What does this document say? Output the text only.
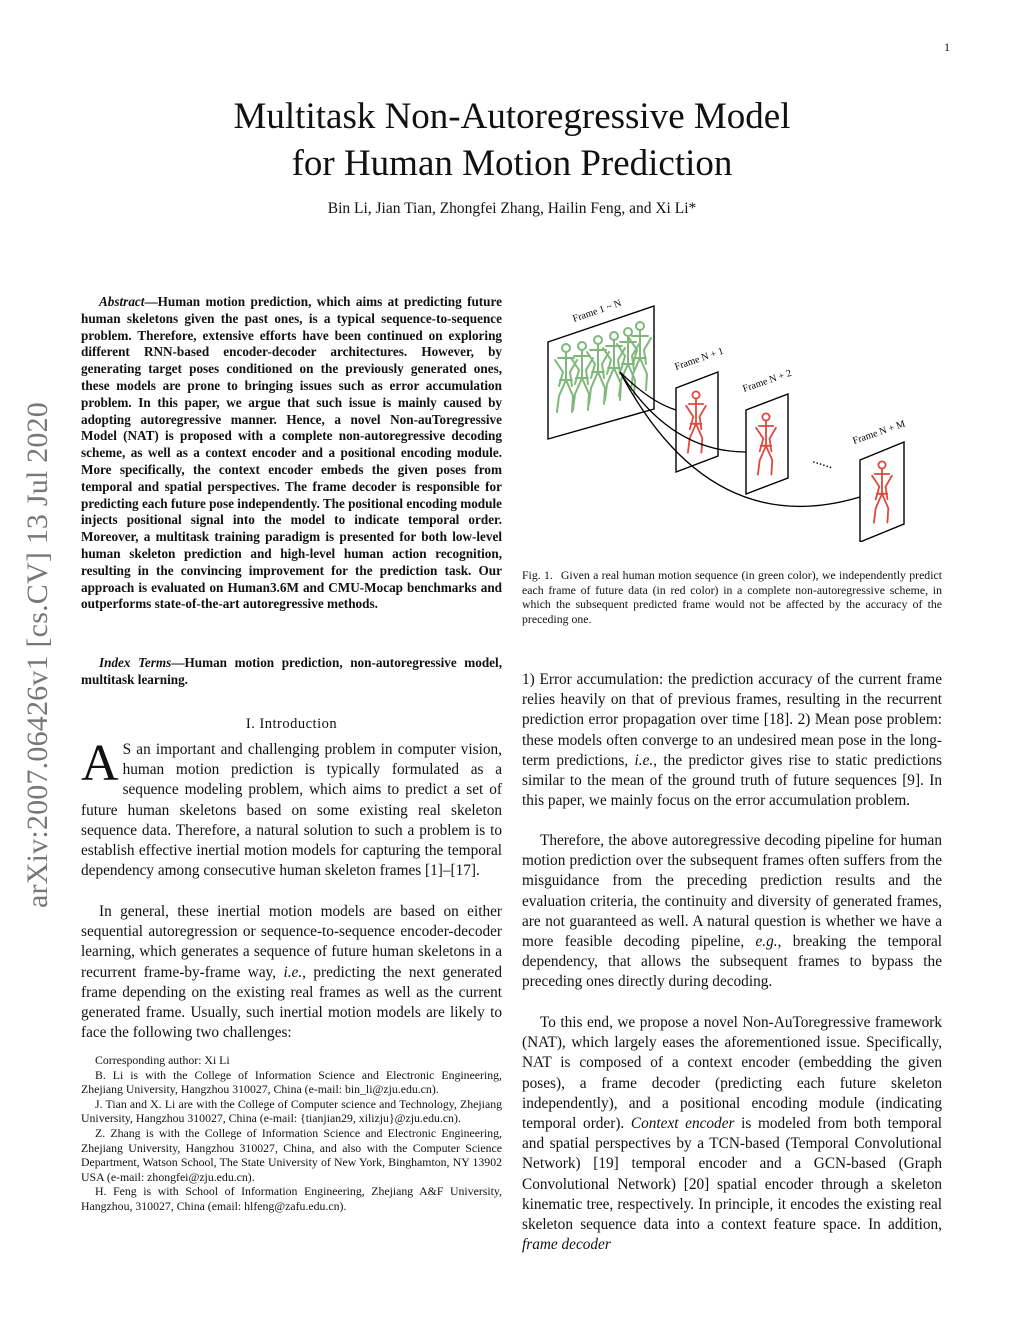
1
arXiv:2007.06426v1 [cs.CV] 13 Jul 2020
Multitask Non-Autoregressive Model
for Human Motion Prediction
Bin Li, Jian Tian, Zhongfei Zhang, Hailin Feng, and Xi Li*
Abstract—Human motion prediction, which aims at predicting future human skeletons given the past ones, is a typical sequence-to-sequence problem. Therefore, extensive efforts have been continued on exploring different RNN-based encoder-decoder architectures. However, by generating target poses conditioned on the previously generated ones, these models are prone to bringing issues such as error accumulation problem. In this paper, we argue that such issue is mainly caused by adopting autoregressive manner. Hence, a novel Non-auToregressive Model (NAT) is proposed with a complete non-autoregressive decoding scheme, as well as a context encoder and a positional encoding module. More specifically, the context encoder embeds the given poses from temporal and spatial perspectives. The frame decoder is responsible for predicting each future pose independently. The positional encoding module injects positional signal into the model to indicate temporal order. Moreover, a multitask training paradigm is presented for both low-level human skeleton prediction and high-level human action recognition, resulting in the convincing improvement for the prediction task. Our approach is evaluated on Human3.6M and CMU-Mocap benchmarks and outperforms state-of-the-art autoregressive methods.
Index Terms—Human motion prediction, non-autoregressive model, multitask learning.
I. Introduction
A S an important and challenging problem in computer vision, human motion prediction is typically formulated as a sequence modeling problem, which aims to predict a set of future human skeletons based on some existing real skeleton sequence data. Therefore, a natural solution to such a problem is to establish effective inertial motion models for capturing the temporal dependency among consecutive human skeleton frames [1]–[17].
In general, these inertial motion models are based on either sequential autoregression or sequence-to-sequence encoder-decoder learning, which generates a sequence of future human skeletons in a recurrent frame-by-frame way, i.e., predicting the next generated frame depending on the existing real frames as well as the current generated frame. Usually, such inertial motion models are likely to face the following two challenges:
Corresponding author: Xi Li
B. Li is with the College of Information Science and Electronic Engineering, Zhejiang University, Hangzhou 310027, China (e-mail: bin_li@zju.edu.cn).
J. Tian and X. Li are with the College of Computer science and Technology, Zhejiang University, Hangzhou 310027, China (e-mail: {tianjian29, xilizju}@zju.edu.cn).
Z. Zhang is with the College of Information Science and Electronic Engineering, Zhejiang University, Hangzhou 310027, China, and also with the Computer Science Department, Watson School, The State University of New York, Binghamton, NY 13902 USA (e-mail: zhongfei@zju.edu.cn).
H. Feng is with School of Information Engineering, Zhejiang A&F University, Hangzhou, 310027, China (email: hlfeng@zafu.edu.cn).
Frame 1 ~ N
Frame N + 1
Frame N + 2
Frame N + M
......
Fig. 1. Given a real human motion sequence (in green color), we independently predict each frame of future data (in red color) in a complete non-autoregressive scheme, in which the subsequent predicted frame would not be affected by the accuracy of the preceding one.
1) Error accumulation: the prediction accuracy of the current frame relies heavily on that of previous frames, resulting in the recurrent prediction error propagation over time [18]. 2) Mean pose problem: these models often converge to an undesired mean pose in the long-term predictions, i.e., the predictor gives rise to static predictions similar to the mean of the ground truth of future sequences [9]. In this paper, we mainly focus on the error accumulation problem.
Therefore, the above autoregressive decoding pipeline for human motion prediction over the subsequent frames often suffers from the misguidance from the preceding prediction results and the evaluation criteria, the continuity and diversity of generated frames, are not guaranteed as well. A natural question is whether we have a more feasible decoding pipeline, e.g., breaking the temporal dependency, that allows the subsequent frames to bypass the preceding ones directly during decoding.
To this end, we propose a novel Non-AuToregressive framework (NAT), which largely eases the aforementioned issue. Specifically, NAT is composed of a context encoder (embedding the given poses), a frame decoder (predicting each future skeleton independently), and a positional encoding module (indicating temporal order). Context encoder is modeled from both temporal and spatial perspectives by a TCN-based (Temporal Convolutional Network) [19] temporal encoder and a GCN-based (Graph Convolutional Network) [20] spatial encoder through a skeleton kinematic tree, respectively. In principle, it encodes the existing real skeleton sequence data into a context feature space. In addition, frame decoder
